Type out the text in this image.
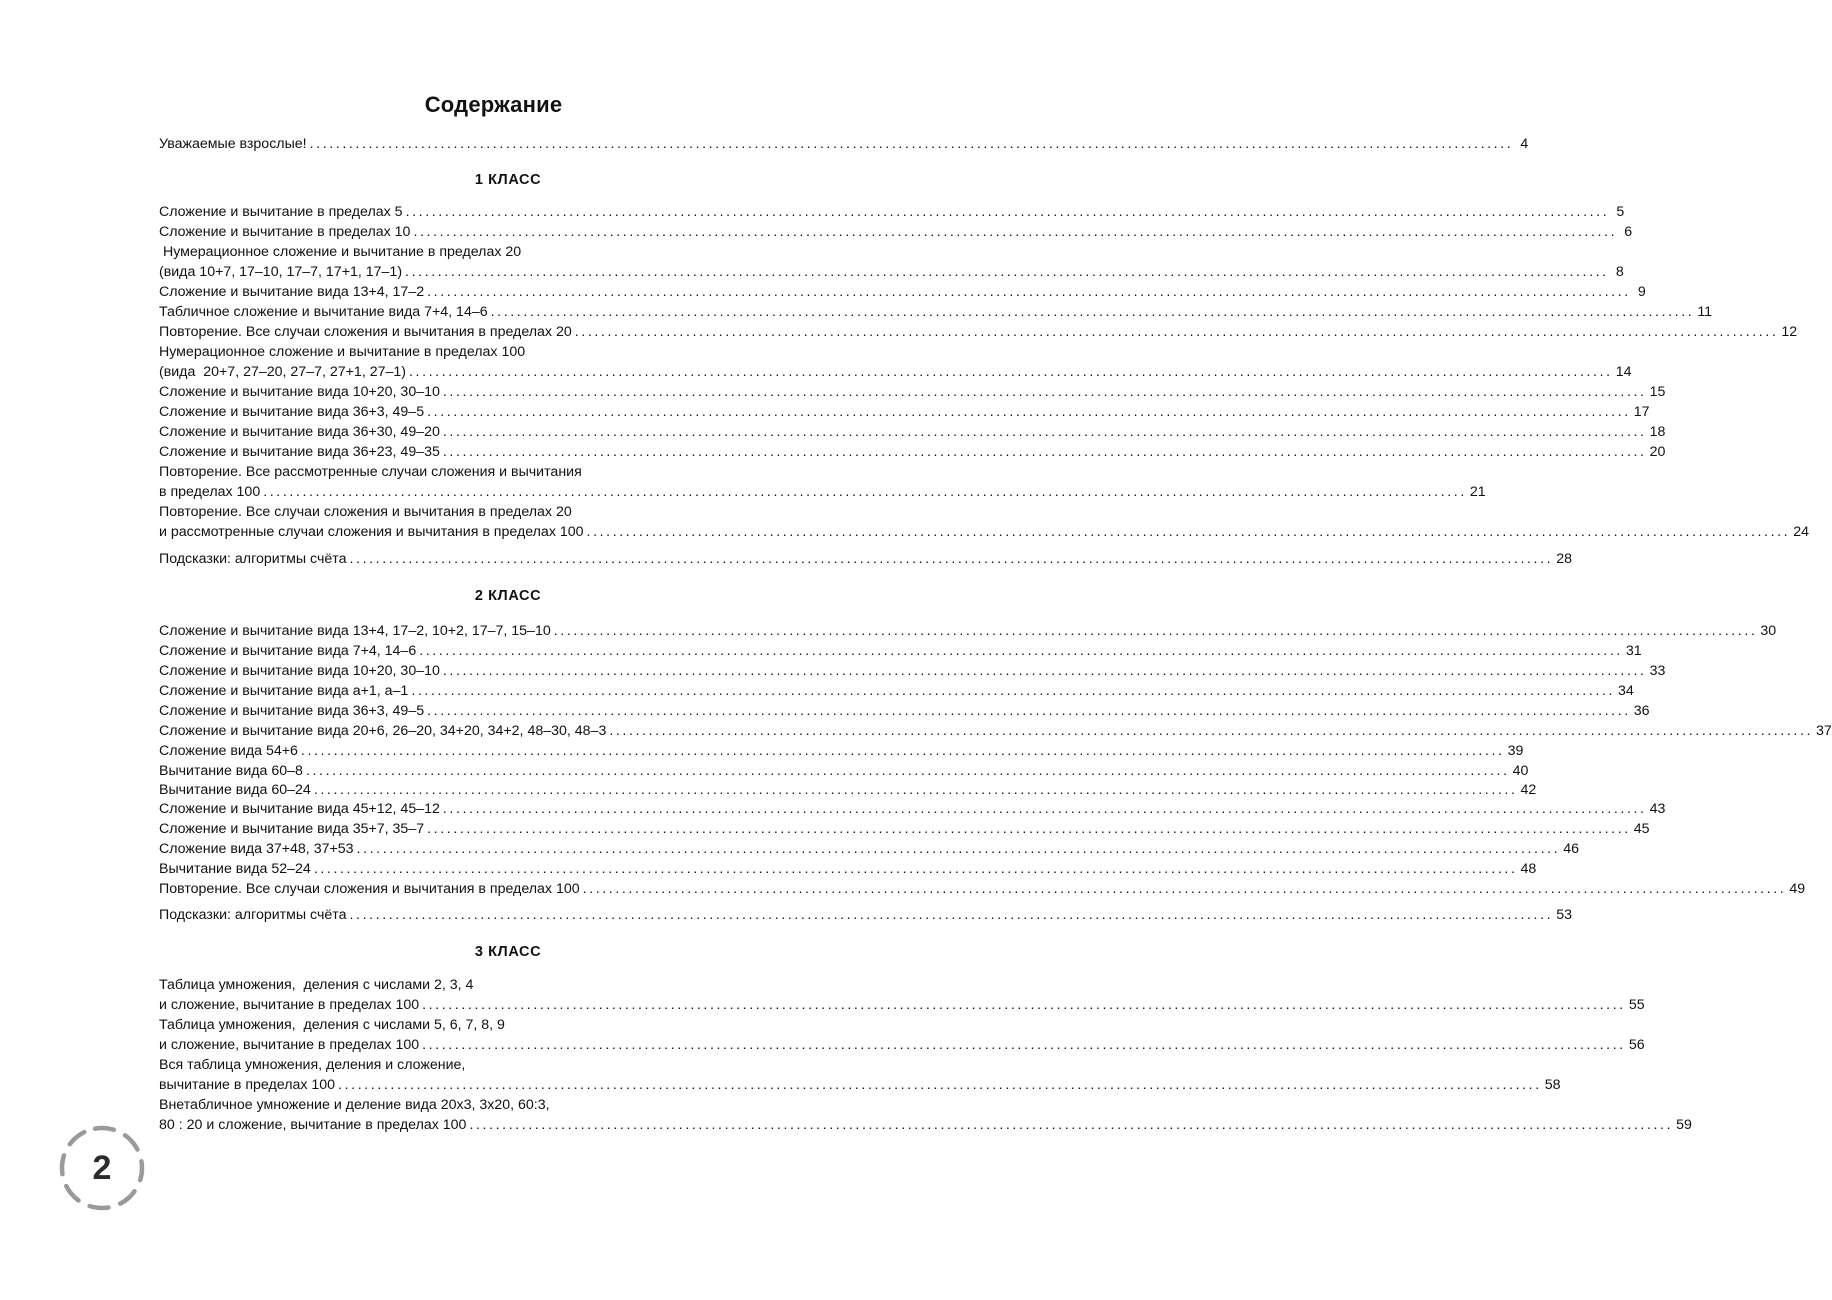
Содержание
Уважаемые взрослые! ........................................................................................................................................................................................ 4
1 КЛАСС
Сложение и вычитание в пределах 5 ........................................................................................................................................................................................ 5
Сложение и вычитание в пределах 10 ........................................................................................................................................................................................ 6
Нумерационное сложение и вычитание в пределах 20
(вида 10+7, 17–10, 17–7, 17+1, 17–1) ........................................................................................................................................................................................ 8
Сложение и вычитание вида 13+4, 17–2 ........................................................................................................................................................................................ 9
Табличное сложение и вычитание вида 7+4, 14–6 ........................................................................................................................................................................................ 11
Повторение. Все случаи сложения и вычитания в пределах 20 ........................................................................................................................................................................................ 12
Нумерационное сложение и вычитание в пределах 100
(вида  20+7, 27–20, 27–7, 27+1, 27–1) ........................................................................................................................................................................................ 14
Сложение и вычитание вида 10+20, 30–10 ........................................................................................................................................................................................ 15
Сложение и вычитание вида 36+3, 49–5 ........................................................................................................................................................................................ 17
Сложение и вычитание вида 36+30, 49–20 ........................................................................................................................................................................................ 18
Сложение и вычитание вида 36+23, 49–35 ........................................................................................................................................................................................ 20
Повторение. Все рассмотренные случаи сложения и вычитания
в пределах 100 ........................................................................................................................................................................................ 21
Повторение. Все случаи сложения и вычитания в пределах 20
и рассмотренные случаи сложения и вычитания в пределах 100 ........................................................................................................................................................................................ 24
Подсказки: алгоритмы счёта ........................................................................................................................................................................................ 28
2 КЛАСС
Сложение и вычитание вида 13+4, 17–2, 10+2, 17–7, 15–10 ........................................................................................................................................................................................ 30
Сложение и вычитание вида 7+4, 14–6 ........................................................................................................................................................................................ 31
Сложение и вычитание вида 10+20, 30–10 ........................................................................................................................................................................................ 33
Сложение и вычитание вида a+1, a–1 ........................................................................................................................................................................................ 34
Сложение и вычитание вида 36+3, 49–5 ........................................................................................................................................................................................ 36
Сложение и вычитание вида 20+6, 26–20, 34+20, 34+2, 48–30, 48–3 ........................................................................................................................................................................................ 37
Сложение вида 54+6 ........................................................................................................................................................................................ 39
Вычитание вида 60–8 ........................................................................................................................................................................................ 40
Вычитание вида 60–24 ........................................................................................................................................................................................ 42
Сложение и вычитание вида 45+12, 45–12 ........................................................................................................................................................................................ 43
Сложение и вычитание вида 35+7, 35–7 ........................................................................................................................................................................................ 45
Сложение вида 37+48, 37+53 ........................................................................................................................................................................................ 46
Вычитание вида 52–24 ........................................................................................................................................................................................ 48
Повторение. Все случаи сложения и вычитания в пределах 100 ........................................................................................................................................................................................ 49
Подсказки: алгоритмы счёта ........................................................................................................................................................................................ 53
3 КЛАСС
Таблица умножения,  деления с числами 2, 3, 4
и сложение, вычитание в пределах 100 ........................................................................................................................................................................................ 55
Таблица умножения,  деления с числами 5, 6, 7, 8, 9
и сложение, вычитание в пределах 100 ........................................................................................................................................................................................ 56
Вся таблица умножения, деления и сложение,
вычитание в пределах 100 ........................................................................................................................................................................................ 58
Внетабличное умножение и деление вида 20x3, 3x20, 60:3,
80 : 20 и сложение, вычитание в пределах 100 ........................................................................................................................................................................................ 59
2
